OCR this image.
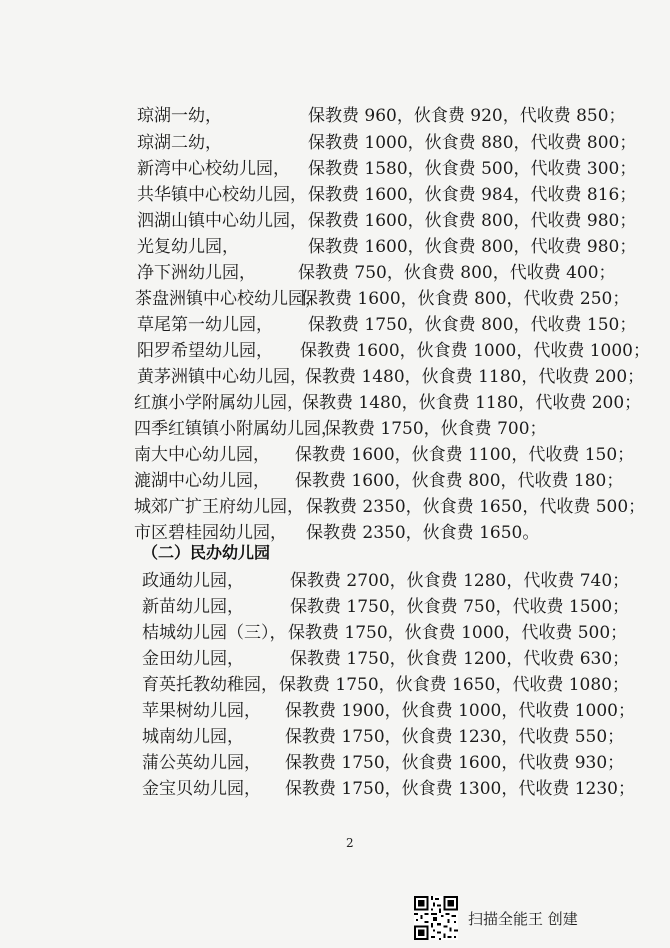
琼湖一幼，	保教费 960，伙食费 920，代收费 850；
琼湖二幼，	保教费 1000，伙食费 880，代收费 800；
新湾中心校幼儿园， 保教费 1580，伙食费 500，代收费 300；
共华镇中心校幼儿园， 保教费 1600，伙食费 984，代收费 816；
泗湖山镇中心幼儿园， 保教费 1600，伙食费 800，代收费 980；
光复幼儿园，	保教费 1600，伙食费 800，代收费 980；
净下洲幼儿园， 保教费 750，伙食费 800，代收费 400；
茶盘洲镇中心校幼儿园，
保教费 1600，伙食费 800，代收费 250；
草尾第一幼儿园， 保教费 1750，伙食费 800，代收费 150；
阳罗希望幼儿园， 保教费 1600，伙食费 1000，代收费 1000；
黄茅洲镇中心幼儿园，
保教费 1480，伙食费 1180，代收费 200；
红旗小学附属幼儿园，
保教费 1480，伙食费 1180，代收费 200；
四季红镇镇小附属幼儿园，
保教费 1750，伙食费 700；
南大中心幼儿园， 保教费 1600，伙食费 1100，代收费 150；
漉湖中心幼儿园， 保教费 1600，伙食费 800，代收费 180；
城郊广扩王府幼儿园， 保教费 2350，伙食费 1650，代收费 500；
市区碧桂园幼儿园， 保教费 2350，伙食费 1650。
（二）民办幼儿园
政通幼儿园，	保教费 2700，伙食费 1280，代收费 740；
新苗幼儿园，	保教费 1750，伙食费 750，代收费 1500；
桔城幼儿园（三）， 保教费 1750，伙食费 1000，代收费 500；
金田幼儿园，	保教费 1750，伙食费 1200，代收费 630；
育英托教幼稚园， 保教费 1750，伙食费 1650，代收费 1080；
苹果树幼儿园， 保教费 1900，伙食费 1000，代收费 1000；
城南幼儿园， 保教费 1750，伙食费 1230，代收费 550；
蒲公英幼儿园， 保教费 1750，伙食费 1600，代收费 930；
金宝贝幼儿园， 保教费 1750，伙食费 1300，代收费 1230；
2
扫描全能王 创建
